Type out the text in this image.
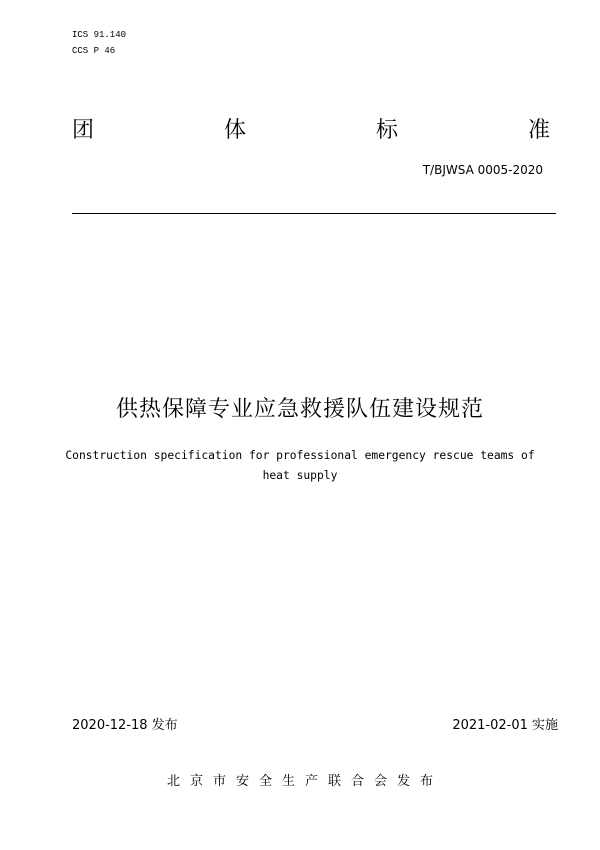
ICS 91.140
CCS P 46
团	体	标	准
T/BJWSA 0005-2020
供热保障专业应急救援队伍建设规范
Construction specification for professional emergency rescue teams of
heat supply
2020-12-18 发布	2021-02-01 实施
北京市安全生产联合会发布
